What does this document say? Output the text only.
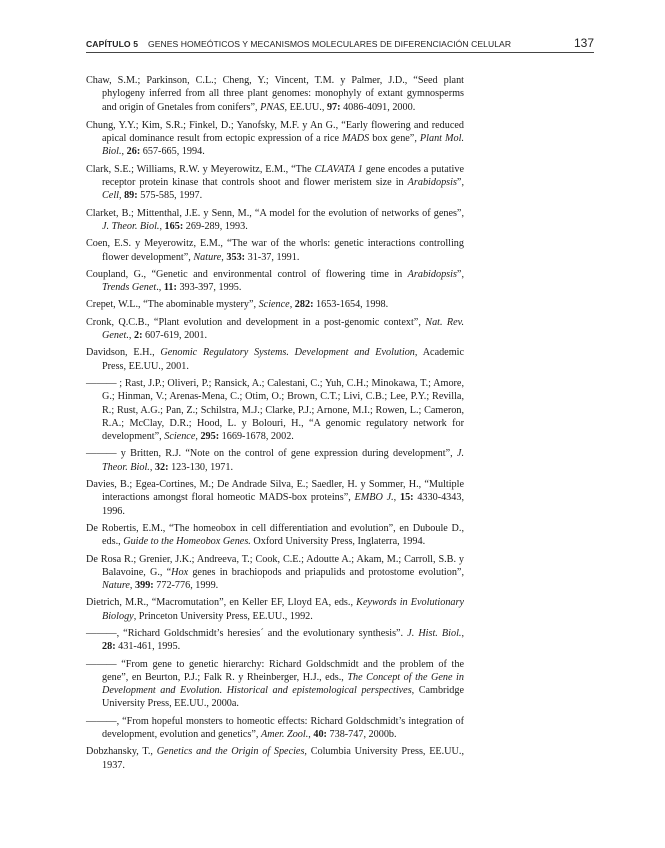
CAPÍTULO 5 GENES HOMEÓTICOS Y MECANISMOS MOLECULARES DE DIFERENCIACIÓN CELULAR	137

Chaw, S.M.; Parkinson, C.L.; Cheng, Y.; Vincent, T.M. y Palmer, J.D., “Seed plant phylogeny inferred from all three plant genomes: monophyly of extant gymnosperms and origin of Gnetales from conifers”, PNAS, EE.UU., 97: 4086-4091, 2000.

Chung, Y.Y.; Kim, S.R.; Finkel, D.; Yanofsky, M.F. y An G., “Early flowering and reduced apical dominance result from ectopic expression of a rice MADS box gene”, Plant Mol. Biol., 26: 657-665, 1994.

Clark, S.E.; Williams, R.W. y Meyerowitz, E.M., “The CLAVATA 1 gene encodes a putative receptor protein kinase that controls shoot and flower meristem size in Arabidopsis”, Cell, 89: 575-585, 1997.

Clarket, B.; Mittenthal, J.E. y Senn, M., “A model for the evolution of networks of genes”, J. Theor. Biol., 165: 269-289, 1993.

Coen, E.S. y Meyerowitz, E.M., “The war of the whorls: genetic interactions controlling flower development”, Nature, 353: 31-37, 1991.

Coupland, G., “Genetic and environmental control of flowering time in Arabidopsis”, Trends Genet., 11: 393-397, 1995.

Crepet, W.L., “The abominable mystery”, Science, 282: 1653-1654, 1998.

Cronk, Q.C.B., “Plant evolution and development in a post-genomic context”, Nat. Rev. Genet., 2: 607-619, 2001.

Davidson, E.H., Genomic Regulatory Systems. Development and Evolution, Academic Press, EE.UU., 2001.

——— ; Rast, J.P.; Oliveri, P.; Ransick, A.; Calestani, C.; Yuh, C.H.; Minokawa, T.; Amore, G.; Hinman, V.; Arenas-Mena, C.; Otim, O.; Brown, C.T.; Livi, C.B.; Lee, P.Y.; Revilla, R.; Rust, A.G.; Pan, Z.; Schilstra, M.J.; Clarke, P.J.; Arnone, M.I.; Rowen, L.; Cameron, R.A.; McClay, D.R.; Hood, L. y Bolouri, H., “A genomic regulatory network for development”, Science, 295: 1669-1678, 2002.

——— y Britten, R.J. “Note on the control of gene expression during development”, J. Theor. Biol., 32: 123-130, 1971.

Davies, B.; Egea-Cortines, M.; De Andrade Silva, E.; Saedler, H. y Sommer, H., “Multiple interactions amongst floral homeotic MADS-box proteins”, EMBO J., 15: 4330-4343, 1996.

De Robertis, E.M., “The homeobox in cell differentiation and evolution”, en Duboule D., eds., Guide to the Homeobox Genes. Oxford University Press, Inglaterra, 1994.

De Rosa R.; Grenier, J.K.; Andreeva, T.; Cook, C.E.; Adoutte A.; Akam, M.; Carroll, S.B. y Balavoine, G., “Hox genes in brachiopods and priapulids and protostome evolution”, Nature, 399: 772-776, 1999.

Dietrich, M.R., “Macromutation”, en Keller EF, Lloyd EA, eds., Keywords in Evolutionary Biology, Princeton University Press, EE.UU., 1992.

———, “Richard Goldschmidt’s heresies´ and the evolutionary synthesis”. J. Hist. Biol., 28: 431-461, 1995.

——— “From gene to genetic hierarchy: Richard Goldschmidt and the problem of the gene”, en Beurton, P.J.; Falk R. y Rheinberger, H.J., eds., The Concept of the Gene in Development and Evolution. Historical and epistemological perspectives, Cambridge University Press, EE.UU., 2000a.

———, “From hopeful monsters to homeotic effects: Richard Goldschmidt’s integration of development, evolution and genetics”, Amer. Zool., 40: 738-747, 2000b.

Dobzhansky, T., Genetics and the Origin of Species, Columbia University Press, EE.UU., 1937.
